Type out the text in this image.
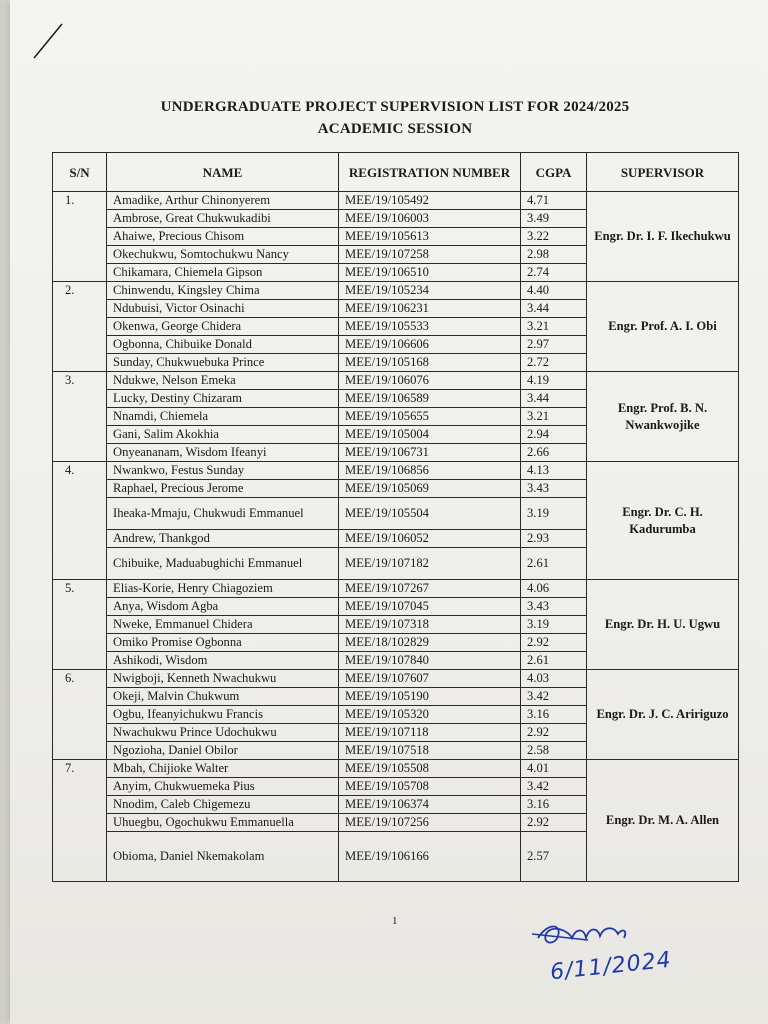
UNDERGRADUATE PROJECT SUPERVISION LIST FOR 2024/2025
ACADEMIC SESSION
S/N	NAME	REGISTRATION NUMBER	CGPA	SUPERVISOR
1.	Amadike, Arthur Chinonyerem	MEE/19/105492	4.71	Engr. Dr. I. F. Ikechukwu
	Ambrose, Great Chukwukadibi	MEE/19/106003	3.49	
	Ahaiwe, Precious Chisom	MEE/19/105613	3.22	
	Okechukwu, Somtochukwu Nancy	MEE/19/107258	2.98	
	Chikamara, Chiemela Gipson	MEE/19/106510	2.74	
2.	Chinwendu, Kingsley Chima	MEE/19/105234	4.40	Engr. Prof. A. I. Obi
	Ndubuisi, Victor Osinachi	MEE/19/106231	3.44	
	Okenwa, George Chidera	MEE/19/105533	3.21	
	Ogbonna, Chibuike Donald	MEE/19/106606	2.97	
	Sunday, Chukwuebuka Prince	MEE/19/105168	2.72	
3.	Ndukwe, Nelson Emeka	MEE/19/106076	4.19	Engr. Prof. B. N. Nwankwojike
	Lucky, Destiny Chizaram	MEE/19/106589	3.44	
	Nnamdi, Chiemela	MEE/19/105655	3.21	
	Gani, Salim Akokhia	MEE/19/105004	2.94	
	Onyeananam, Wisdom Ifeanyi	MEE/19/106731	2.66	
4.	Nwankwo, Festus Sunday	MEE/19/106856	4.13	Engr. Dr. C. H. Kadurumba
	Raphael, Precious Jerome	MEE/19/105069	3.43	
	Iheaka-Mmaju, Chukwudi Emmanuel	MEE/19/105504	3.19	
	Andrew, Thankgod	MEE/19/106052	2.93	
	Chibuike, Maduabughichi Emmanuel	MEE/19/107182	2.61	
5.	Elias-Korie, Henry Chiagoziem	MEE/19/107267	4.06	Engr. Dr. H. U. Ugwu
	Anya, Wisdom Agba	MEE/19/107045	3.43	
	Nweke, Emmanuel Chidera	MEE/19/107318	3.19	
	Omiko Promise Ogbonna	MEE/18/102829	2.92	
	Ashikodi, Wisdom	MEE/19/107840	2.61	
6.	Nwigboji, Kenneth Nwachukwu	MEE/19/107607	4.03	Engr. Dr. J. C. Aririguzo
	Okeji, Malvin Chukwum	MEE/19/105190	3.42	
	Ogbu, Ifeanyichukwu Francis	MEE/19/105320	3.16	
	Nwachukwu Prince Udochukwu	MEE/19/107118	2.92	
	Ngozioha, Daniel Obilor	MEE/19/107518	2.58	
7.	Mbah, Chijioke Walter	MEE/19/105508	4.01	Engr. Dr. M. A. Allen
	Anyim, Chukwuemeka Pius	MEE/19/105708	3.42	
	Nnodim, Caleb Chigemezu	MEE/19/106374	3.16	
	Uhuegbu, Ogochukwu Emmanuella	MEE/19/107256	2.92	
	Obioma, Daniel Nkemakolam	MEE/19/106166	2.57	
1
6/11/2024
